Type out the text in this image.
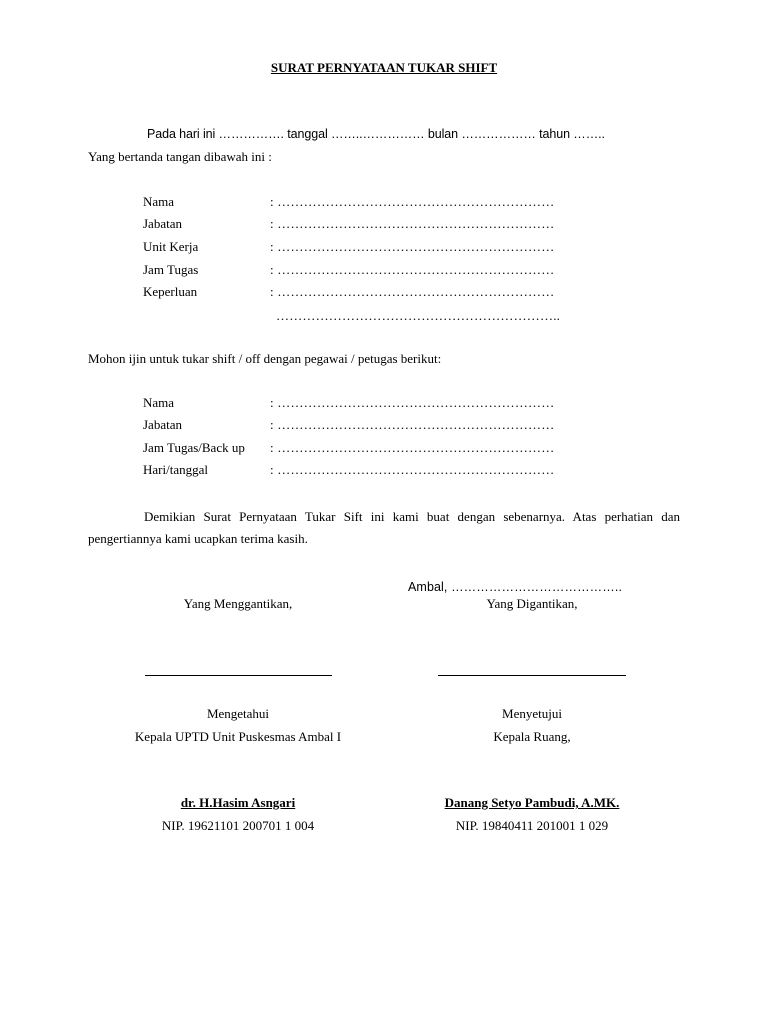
SURAT PERNYATAAN TUKAR SHIFT
Pada hari ini ……………. tanggal ……..…………… bulan ……………… tahun ……..
Yang bertanda tangan dibawah ini :
Nama	: ………………………………………………………
Jabatan	: ………………………………………………………
Unit Kerja	: ………………………………………………………
Jam Tugas	: ………………………………………………………
Keperluan	: ………………………………………………………
………………………………………………………..
Mohon ijin untuk tukar shift / off dengan pegawai / petugas berikut:
Nama	: ………………………………………………………
Jabatan	: ………………………………………………………
Jam Tugas/Back up : ………………………………………………………
Hari/tanggal	: ………………………………………………………
Demikian Surat Pernyataan Tukar Sift ini kami buat dengan sebenarnya. Atas perhatian dan pengertiannya kami ucapkan terima kasih.
Ambal, …………………………………..
Yang Menggantikan,	Yang Digantikan,
Mengetahui	Menyetujui
Kepala UPTD Unit Puskesmas Ambal I	Kepala Ruang,
dr. H.Hasim Asngari	Danang Setyo Pambudi, A.MK.
NIP. 19621101 200701 1 004	NIP. 19840411 201001 1 029
